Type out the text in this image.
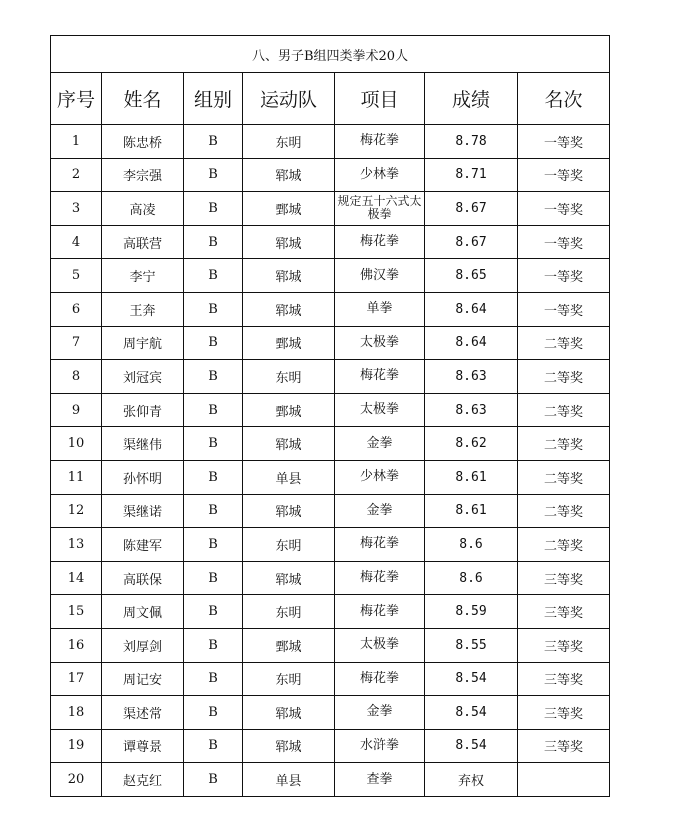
八、男子B组四类拳术20人						
序号	姓名	组别	运动队	项目	成绩	名次
1	陈忠桥	B	东明	梅花拳	8.78	一等奖
2	李宗强	B	郓城	少林拳	8.71	一等奖
3	高凌	B	鄄城	规定五十六式太极拳	8.67	一等奖
4	高联营	B	郓城	梅花拳	8.67	一等奖
5	李宁	B	郓城	佛汉拳	8.65	一等奖
6	王奔	B	郓城	单拳	8.64	一等奖
7	周宇航	B	鄄城	太极拳	8.64	二等奖
8	刘冠宾	B	东明	梅花拳	8.63	二等奖
9	张仰青	B	鄄城	太极拳	8.63	二等奖
10	渠继伟	B	郓城	金拳	8.62	二等奖
11	孙怀明	B	单县	少林拳	8.61	二等奖
12	渠继诺	B	郓城	金拳	8.61	二等奖
13	陈建军	B	东明	梅花拳	8.6	二等奖
14	高联保	B	郓城	梅花拳	8.6	三等奖
15	周文佩	B	东明	梅花拳	8.59	三等奖
16	刘厚剑	B	鄄城	太极拳	8.55	三等奖
17	周记安	B	东明	梅花拳	8.54	三等奖
18	渠述常	B	郓城	金拳	8.54	三等奖
19	谭尊景	B	郓城	水浒拳	8.54	三等奖
20	赵克红	B	单县	查拳	弃权	
